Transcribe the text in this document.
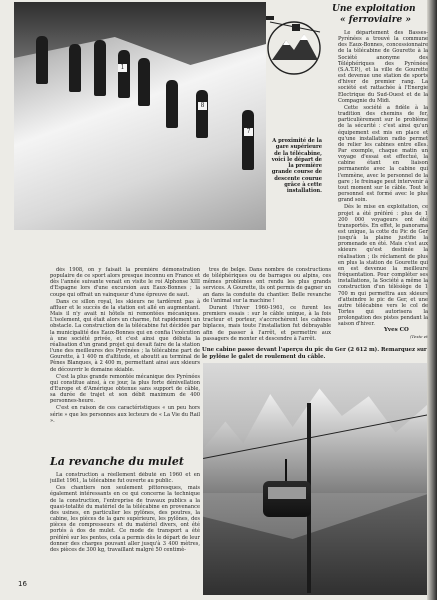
1
8
7
Une exploitation
« ferroviaire »
A proximité de la gare supérieure de la télécabine, voici le départ de la première grande course de descente courue grâce à cette installation.

Le département des Basses-Pyrénées a trouvé la commune des Eaux-Bonnes, concessionnaire de la télécabine de Gourette à la Société anonyme des Téléphériques des Pyrénées (S.A.T.P.), et la ville de Gourette est devenue une station de sports d'hiver de premier rang. La société est rattachée à l'Energie Electrique du Sud-Ouest et de la Compagnie du Midi.

Cette société a fidèle à la tradition des chemins de fer, particulièrement sur le problème de la sécurité : c'est ainsi qu'un équipement est mis en place et qu'une installation radio permet de relier les cabines entre elles. Par exemple, chaque matin un voyage d'essai est effectué, la cabine étant en liaison permanente avec la cabine qui l'emmène, avec le personnel de la gare ; le freinage peut intervenir à tout moment sur le câble. Tout le personnel est formé avec le plus grand soin.

Dès le mise en exploitation, ce projet a été préféré : plus de 1 200 000 voyageurs ont été transportés. En effet, le panorama est unique, la cotte du Pic de Ger jusqu'à la plaine justifie la promenade en été. Mais c'est aux skieurs qu'est destinée la réalisation ; ils réclament de plus en plus la station de Gourette qui en est devenue la meilleure fréquentation. Pour compléter ses installations, la Société a même la construction d'un télésiège de 1 700 m qui permettra aux skieurs d'atteindre le pic de Ger, et une autre télécabine vers le col de Tortes qui autorisera la prolongation des pistes pendant la saison d'hiver.

Yves CO
(Texte et

dès 1908, on y faisait la première démonstration populaire de ce sport alors presque inconnu en France et dès l'année suivante venait en visite le roi Alphonse XIII d'Espagne lors d'une excursion aux Eaux-Bonnes ; la coupe qui offrait un vainqueur d'une épreuve de saut.

Dans ce sillon royal, les skieurs ne tardèrent pas à affluer et le succès de la station est allé en augmentant. Mais il n'y avait ni hôtels ni remontées mécaniques. L'isolement, qui était alors un charme, fut rapidement un obstacle. La construction de la télécabine fut décidée par la municipalité des Eaux-Bonnes qui en confia l'exécution à une société privée, et c'est ainsi que débuta la réalisation d'un grand projet qui devait faire de la station l'une des meilleures des Pyrénées ; la télécabine part de Gourette, à 1 400 m d'altitude, et aboutit au terminal de Pènes Blanques, à 2 400 m, permettant ainsi aux skieurs de découvrir le domaine skiable.

C'est la plus grande remontée mécanique des Pyrénées qui constitue ainsi, à ce jour, la plus forte dénivellation d'Europe et d'Amérique obtenue sans support de câble, sa durée de trajet et son débit maximum de 400 personnes-heure.

C'est en raison de ces caractéristiques « un peu hors série » que les personnes aux lecteurs de « La Vie du Rail ».

tres de belge. Dans nombre de constructions de téléphériques ou de barrages ou alpins, ces mêmes problèmes ont rendu les plus grands services. A Gourette, ils ont permis de gagner un an dans la conduite du chantier. Belle revanche de l'animal sur la machine !

Durant l'hiver 1960-1961, ce furent les premiers essais : sur le câble unique, à la fois tracteur et porteur, s'accrochèrent les cabines biplaces, mais toute l'installation fut débrayable afin de passer à l'arrêt, et permettre aux passagers de monter et descendre à l'arrêt.

La revanche du mulet

La construction a réellement débuté en 1960 et en juillet 1961, la télécabine fut ouverte au public.

Ces chantiers non seulement pittoresques, mais également intéressants en ce qui concerne la technique de la construction, l'entreprise de travaux publics a la quasi-totalité du matériel de la télécabine en provenance des usines, en particulier les pylônes, des poutres, la cabine, les pièces de la gare supérieure, les pylônes, des pièces de compresseurs et du matériel divers, ont été portés à dos de mulet. Ce mode de transport a été préféré sur les pentes, cela a permis dès le départ de leur donner des charges pouvant aller jusqu'à 3 400 mètres, des pièces de 300 kg, travaillant malgré 50 centimè-

Une cabine passe devant l'aperçu du pic du Ger (2 612 m). Remarquez sur le pylône le galet de roulement du câble.
16
